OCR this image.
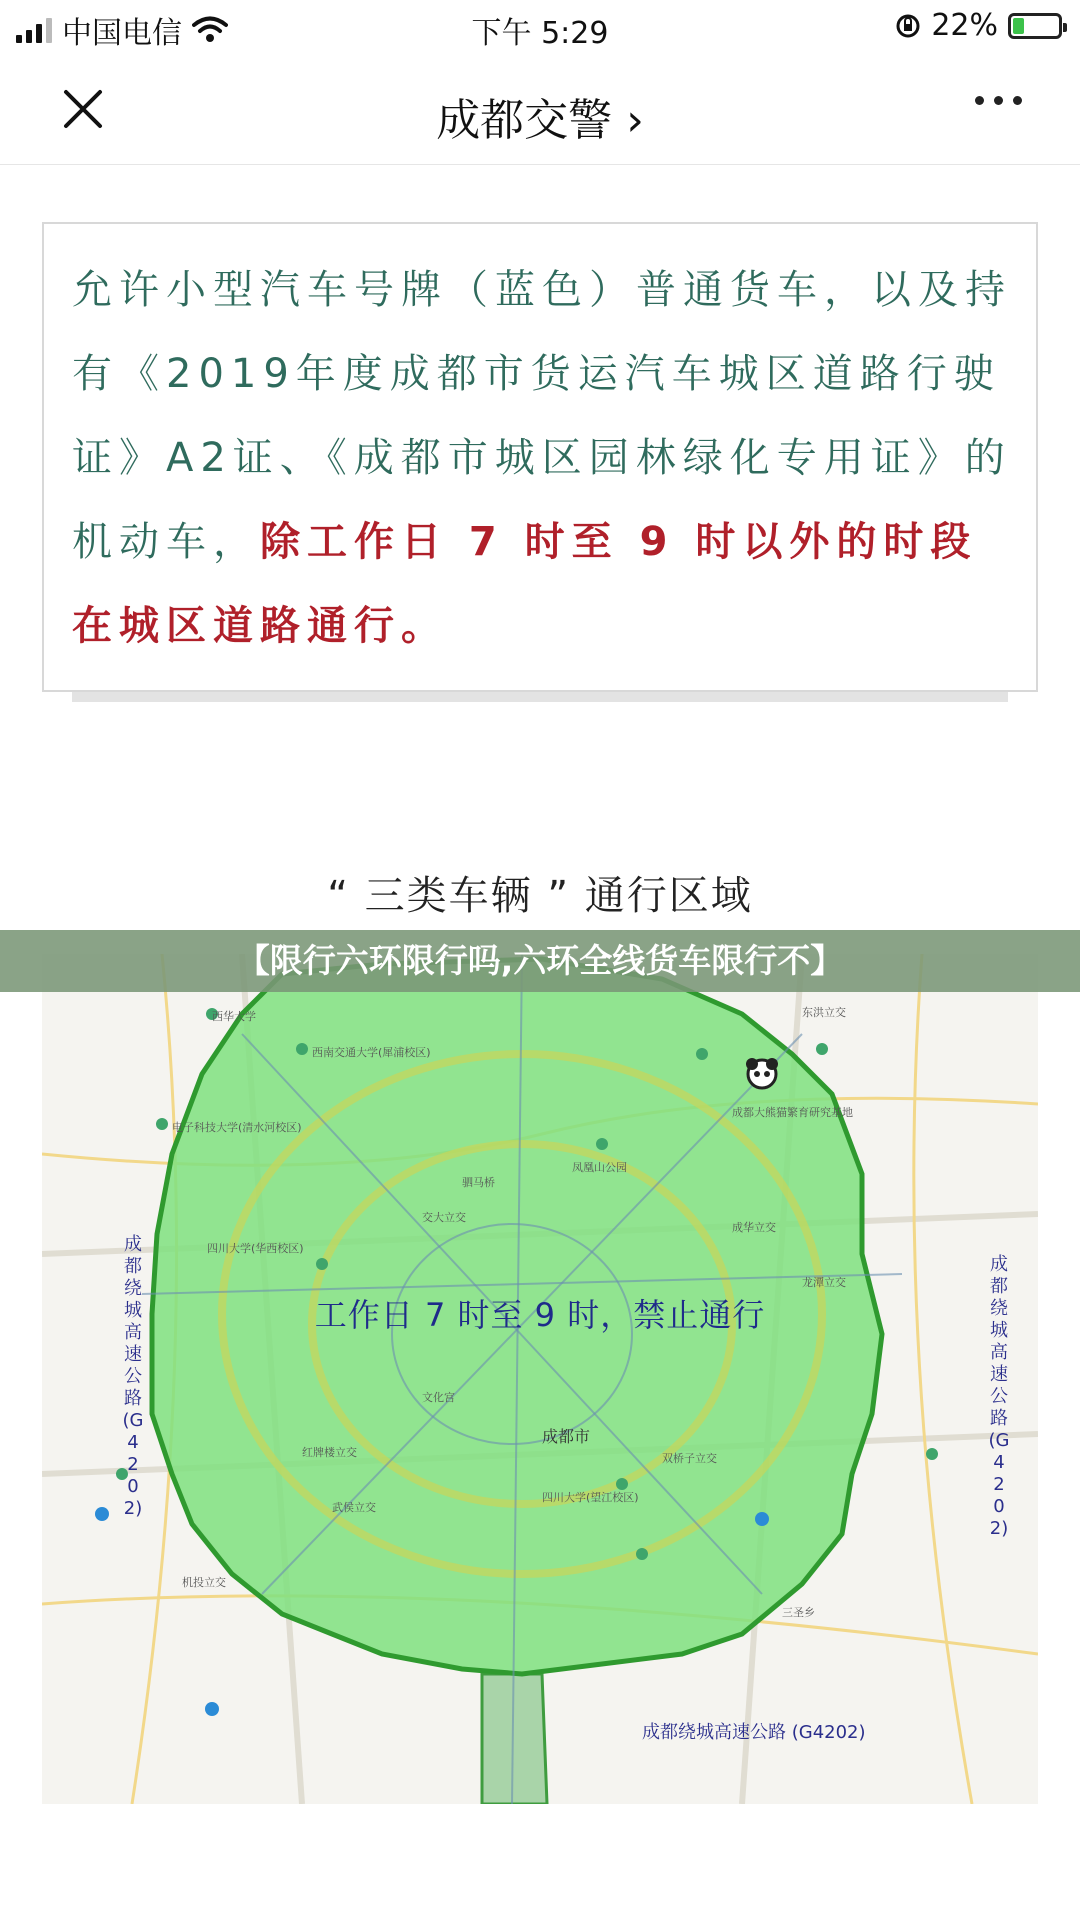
中国电信	下午 5:29	22%
成都交警 ›
允许小型汽车号牌（蓝色）普通货车，以及持有《2019年度成都市货运汽车城区道路行驶证》A2证、《成都市城区园林绿化专用证》的机动车，除工作日 7 时至 9 时以外的时段在城区道路通行。
“ 三类车辆 ” 通行区域
西华大学
西南交通大学(犀浦校区)
电子科技大学(清水河校区)
四川大学(华西校区)
驷马桥
凤凰山公园
成都大熊猫繁育研究基地
成华立交
龙潭立交
交大立交
东洪立交
文化宫
双桥子立交
四川大学(望江校区)
武侯立交
红牌楼立交
机投立交
三圣乡
成都绕城高速公路(G4202)
成都绕城高速公路(G4202)
工作日 7 时至 9 时，禁止通行
成都市
成都绕城高速公路 (G4202)
【限行六环限行吗,六环全线货车限行不】
